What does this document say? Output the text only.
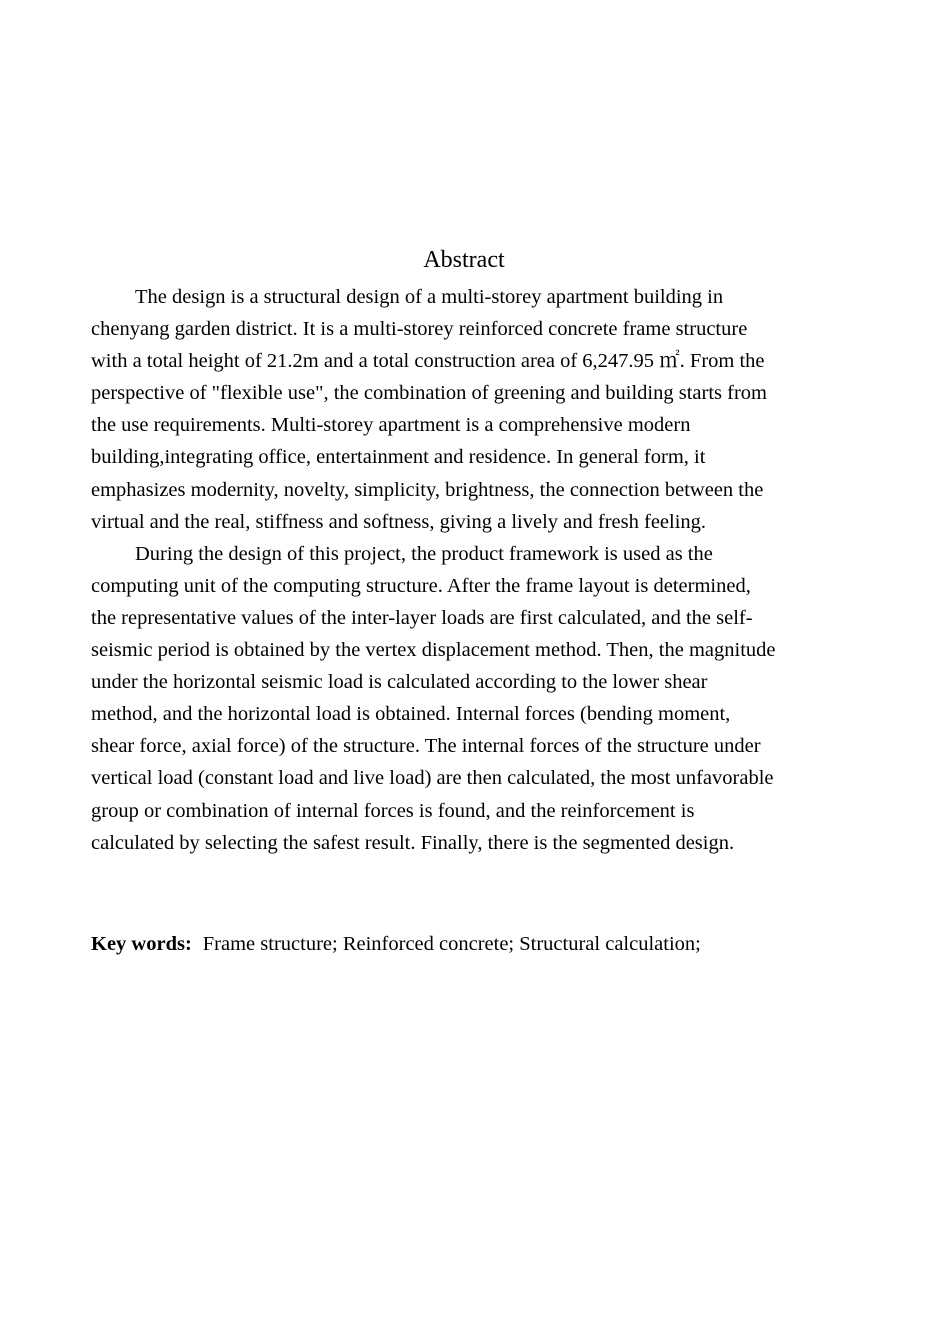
Abstract

The design is a structural design of a multi-storey apartment building in
chenyang garden district. It is a multi-storey reinforced concrete frame structure
with a total height of 21.2m and a total construction area of 6,247.95 ㎡. From the
perspective of "flexible use", the combination of greening and building starts from
the use requirements. Multi-storey apartment is a comprehensive modern
building,integrating office, entertainment and residence. In general form, it
emphasizes modernity, novelty, simplicity, brightness, the connection between the
virtual and the real, stiffness and softness, giving a lively and fresh feeling.

During the design of this project, the product framework is used as the
computing unit of the computing structure. After the frame layout is determined,
the representative values of the inter-layer loads are first calculated, and the self-
seismic period is obtained by the vertex displacement method. Then, the magnitude
under the horizontal seismic load is calculated according to the lower shear
method, and the horizontal load is obtained. Internal forces (bending moment,
shear force, axial force) of the structure. The internal forces of the structure under
vertical load (constant load and live load) are then calculated, the most unfavorable
group or combination of internal forces is found, and the reinforcement is
calculated by selecting the safest result. Finally, there is the segmented design.

Key words: Frame structure; Reinforced concrete; Structural calculation;
